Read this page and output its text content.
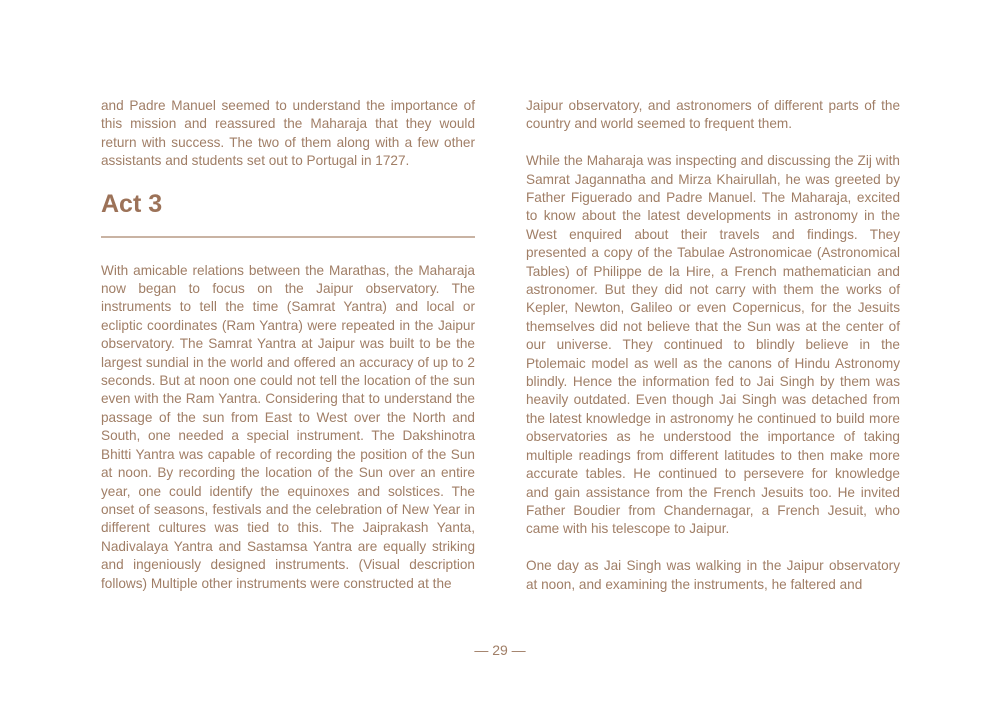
and Padre Manuel seemed to understand the importance of this mission and reassured the Maharaja that they would return with success. The two of them along with a few other assistants and students set out to Portugal in 1727.

Act 3

With amicable relations between the Marathas, the Maharaja now began to focus on the Jaipur observatory. The instruments to tell the time (Samrat Yantra) and local or ecliptic coordinates (Ram Yantra) were repeated in the Jaipur observatory. The Samrat Yantra at Jaipur was built to be the largest sundial in the world and offered an accuracy of up to 2 seconds. But at noon one could not tell the location of the sun even with the Ram Yantra. Considering that to understand the passage of the sun from East to West over the North and South, one needed a special instrument. The Dakshinotra Bhitti Yantra was capable of recording the position of the Sun at noon. By recording the location of the Sun over an entire year, one could identify the equinoxes and solstices. The onset of seasons, festivals and the celebration of New Year in different cultures was tied to this. The Jaiprakash Yanta, Nadivalaya Yantra and Sastamsa Yantra are equally striking and ingeniously designed instruments. (Visual description follows) Multiple other instruments were constructed at the

Jaipur observatory, and astronomers of different parts of the country and world seemed to frequent them.

While the Maharaja was inspecting and discussing the Zij with Samrat Jagannatha and Mirza Khairullah, he was greeted by Father Figuerado and Padre Manuel. The Maharaja, excited to know about the latest developments in astronomy in the West enquired about their travels and findings. They presented a copy of the Tabulae Astronomicae (Astronomical Tables) of Philippe de la Hire, a French mathematician and astronomer. But they did not carry with them the works of Kepler, Newton, Galileo or even Copernicus, for the Jesuits themselves did not believe that the Sun was at the center of our universe. They continued to blindly believe in the Ptolemaic model as well as the canons of Hindu Astronomy blindly. Hence the information fed to Jai Singh by them was heavily outdated. Even though Jai Singh was detached from the latest knowledge in astronomy he continued to build more observatories as he understood the importance of taking multiple readings from different latitudes to then make more accurate tables. He continued to persevere for knowledge and gain assistance from the French Jesuits too. He invited Father Boudier from Chandernagar, a French Jesuit, who came with his telescope to Jaipur.

One day as Jai Singh was walking in the Jaipur observatory at noon, and examining the instruments, he faltered and

— 29 —
